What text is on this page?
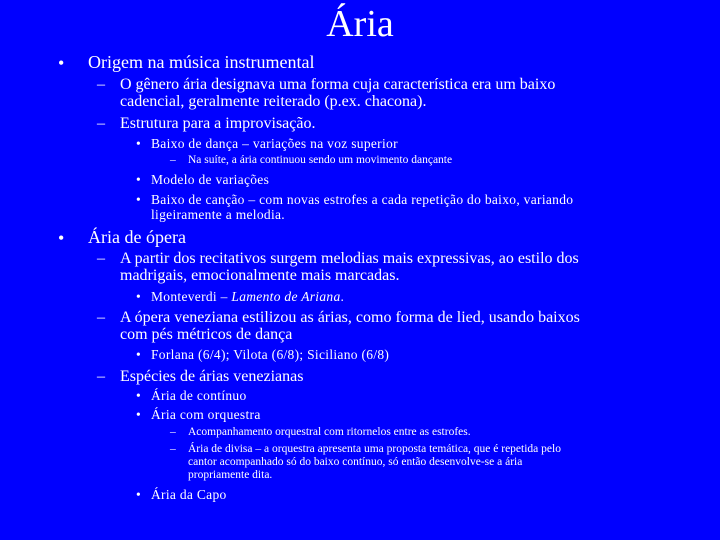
Ária
• Origem na música instrumental
– O gênero ária designava uma forma cuja característica era um baixo
cadencial, geralmente reiterado (p.ex. chacona).
– Estrutura para a improvisação.
• Baixo de dança – variações na voz superior
– Na suíte, a ária continuou sendo um movimento dançante
• Modelo de variações
• Baixo de canção – com novas estrofes a cada repetição do baixo, variando
ligeiramente a melodia.
• Ária de ópera
– A partir dos recitativos surgem melodias mais expressivas, ao estilo dos
madrigais, emocionalmente mais marcadas.
• Monteverdi – Lamento de Ariana.
– A ópera veneziana estilizou as árias, como forma de lied, usando baixos
com pés métricos de dança
• Forlana (6/4); Vilota (6/8); Siciliano (6/8)
– Espécies de árias venezianas
• Ária de contínuo
• Ária com orquestra
– Acompanhamento orquestral com ritornelos entre as estrofes.
– Ária de divisa – a orquestra apresenta uma proposta temática, que é repetida pelo
cantor acompanhado só do baixo contínuo, só então desenvolve-se a ária
propriamente dita.
• Ária da Capo
